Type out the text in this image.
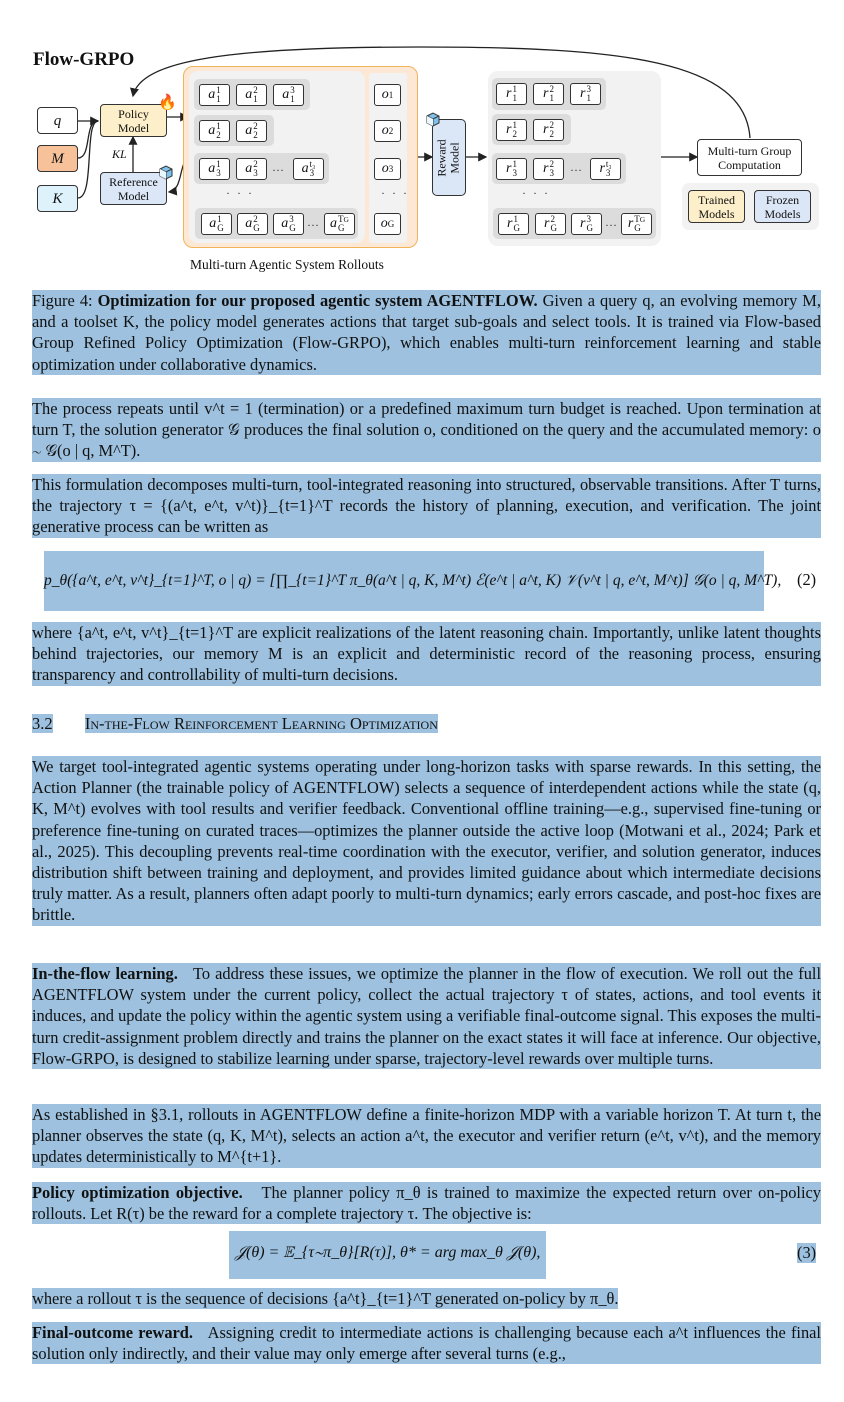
Flow-GRPO
q
M
K
Policy
Model
🔥
KL
Reference
Model
a 1
1	a 2
1	a 3
1
a 1
2	a 2
2
a 1
3	a 2
3 …	a t₃
3
· · ·
a 1
G	a 2
G	a 3
G … a TG
G
o 1
o 2
o 3
· · ·
o G
Multi-turn Agentic System Rollouts
Reward
Model
r 1
1	r 2
1	r 3
1
r 1
2	r 2
2
r 1
3	r 2
3 …	r t₃
3
· · ·
r 1
G	r 2
G	r 3
G … r TG
G
Multi-turn Group
Computation
Trained
Models
Frozen
Models
Figure 4: Optimization for our proposed agentic system AGENTFLOW. Given a query q, an evolving memory M, and a toolset K, the policy model generates actions that target sub-goals and select tools. It is trained via Flow-based Group Refined Policy Optimization (Flow-GRPO), which enables multi-turn reinforcement learning and stable optimization under collaborative dynamics.
The process repeats until v^t = 1 (termination) or a predefined maximum turn budget is reached. Upon termination at turn T, the solution generator 𝒢 produces the final solution o, conditioned on the query and the accumulated memory: o ∼ 𝒢(o | q, M^T).
This formulation decomposes multi-turn, tool-integrated reasoning into structured, observable transitions. After T turns, the trajectory τ = {(a^t, e^t, v^t)}_{t=1}^T records the history of planning, execution, and verification. The joint generative process can be written as
p_θ({a^t, e^t, v^t}_{t=1}^T, o | q) = [∏_{t=1}^T π_θ(a^t | q, K, M^t) ℰ(e^t | a^t, K) 𝒱(v^t | q, e^t, M^t)] 𝒢(o | q, M^T), (2)
where {a^t, e^t, v^t}_{t=1}^T are explicit realizations of the latent reasoning chain. Importantly, unlike latent thoughts behind trajectories, our memory M is an explicit and deterministic record of the reasoning process, ensuring transparency and controllability of multi-turn decisions.
3.2 In-the-Flow Reinforcement Learning Optimization
We target tool-integrated agentic systems operating under long-horizon tasks with sparse rewards. In this setting, the Action Planner (the trainable policy of AGENTFLOW) selects a sequence of interdependent actions while the state (q, K, M^t) evolves with tool results and verifier feedback. Conventional offline training—e.g., supervised fine-tuning or preference fine-tuning on curated traces—optimizes the planner outside the active loop (Motwani et al., 2024; Park et al., 2025). This decoupling prevents real-time coordination with the executor, verifier, and solution generator, induces distribution shift between training and deployment, and provides limited guidance about which intermediate decisions truly matter. As a result, planners often adapt poorly to multi-turn dynamics; early errors cascade, and post-hoc fixes are brittle.
In-the-flow learning. To address these issues, we optimize the planner in the flow of execution. We roll out the full AGENTFLOW system under the current policy, collect the actual trajectory τ of states, actions, and tool events it induces, and update the policy within the agentic system using a verifiable final-outcome signal. This exposes the multi-turn credit-assignment problem directly and trains the planner on the exact states it will face at inference. Our objective, Flow-GRPO, is designed to stabilize learning under sparse, trajectory-level rewards over multiple turns.
As established in §3.1, rollouts in AGENTFLOW define a finite-horizon MDP with a variable horizon T. At turn t, the planner observes the state (q, K, M^t), selects an action a^t, the executor and verifier return (e^t, v^t), and the memory updates deterministically to M^{t+1}.
Policy optimization objective. The planner policy π_θ is trained to maximize the expected return over on-policy rollouts. Let R(τ) be the reward for a complete trajectory τ. The objective is:
𝒥(θ) = 𝔼_{τ∼π_θ}[R(τ)], θ* = arg max_θ 𝒥(θ),	(3)
where a rollout τ is the sequence of decisions {a^t}_{t=1}^T generated on-policy by π_θ.
Final-outcome reward. Assigning credit to intermediate actions is challenging because each a^t influences the final solution only indirectly, and their value may only emerge after several turns (e.g.,
